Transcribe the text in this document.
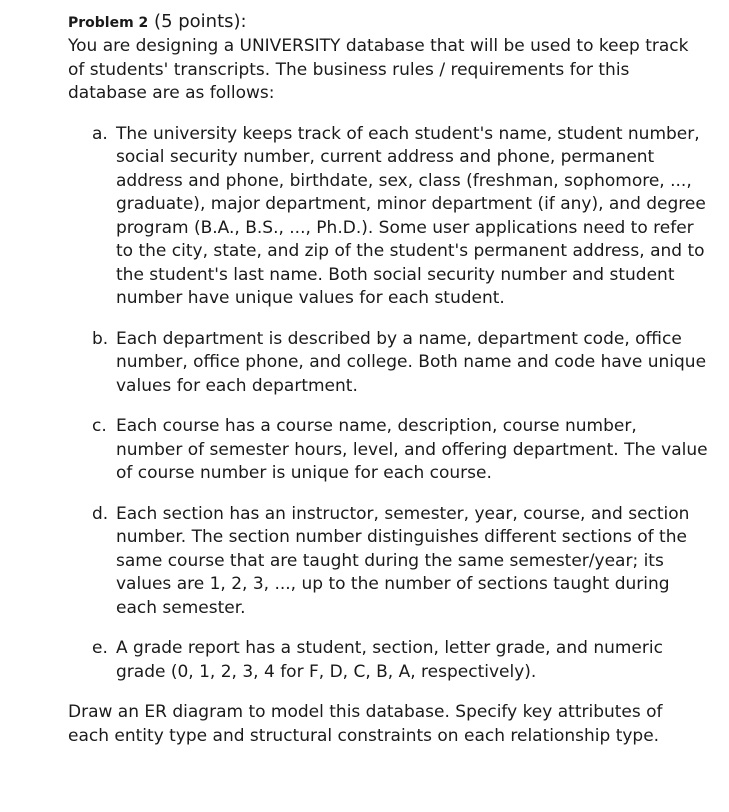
Problem 2 (5 points):

You are designing a UNIVERSITY database that will be used to keep track of students' transcripts. The business rules / requirements for this database are as follows:

a. The university keeps track of each student's name, student number, social security number, current address and phone, permanent address and phone, birthdate, sex, class (freshman, sophomore, ..., graduate), major department, minor department (if any), and degree program (B.A., B.S., ..., Ph.D.). Some user applications need to refer to the city, state, and zip of the student's permanent address, and to the student's last name. Both social security number and student number have unique values for each student.
b. Each department is described by a name, department code, office number, office phone, and college. Both name and code have unique values for each department.
c. Each course has a course name, description, course number, number of semester hours, level, and offering department. The value of course number is unique for each course.
d. Each section has an instructor, semester, year, course, and section number. The section number distinguishes different sections of the same course that are taught during the same semester/year; its values are 1, 2, 3, ..., up to the number of sections taught during each semester.
e. A grade report has a student, section, letter grade, and numeric grade (0, 1, 2, 3, 4 for F, D, C, B, A, respectively).

Draw an ER diagram to model this database. Specify key attributes of each entity type and structural constraints on each relationship type.
